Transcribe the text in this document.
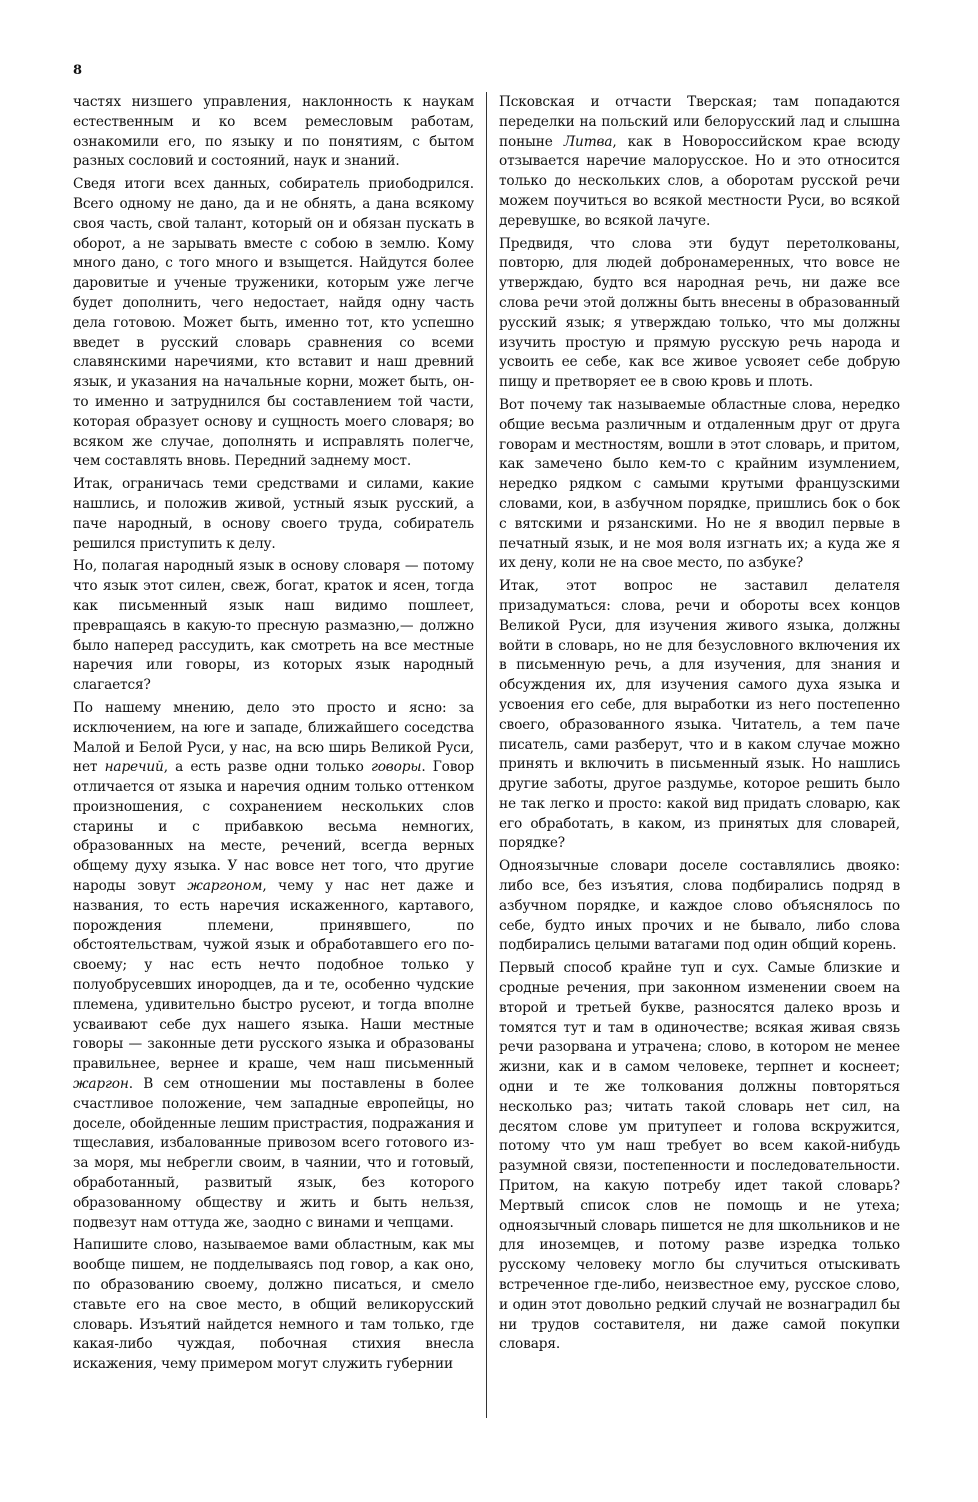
8

частях низшего управления, наклонность к наукам естественным и ко всем ремесловым работам, ознакомили его, по языку и по понятиям, с бытом разных сословий и состояний, наук и знаний.

Сведя итоги всех данных, собиратель приободрился. Всего одному не дано, да и не обнять, а дана всякому своя часть, свой талант, который он и обязан пускать в оборот, а не зарывать вместе с собою в землю. Кому много дано, с того много и взыщется. Найдутся более даровитые и ученые труженики, которым уже легче будет дополнить, чего недостает, найдя одну часть дела готовою. Может быть, именно тот, кто успешно введет в русский словарь сравнения со всеми славянскими наречиями, кто вставит и наш древний язык, и указания на начальные корни, может быть, он-то именно и затруднился бы составлением той части, которая образует основу и сущность моего словаря; во всяком же случае, дополнять и исправлять полегче, чем составлять вновь. Передний заднему мост.

Итак, ограничась теми средствами и силами, какие нашлись, и положив живой, устный язык русский, а паче народный, в основу своего труда, собиратель решился приступить к делу.

Но, полагая народный язык в основу словаря — потому что язык этот силен, свеж, богат, краток и ясен, тогда как письменный язык наш видимо пошлеет, превращаясь в какую-то пресную размазню,— должно было наперед рассудить, как смотреть на все местные наречия или говоры, из которых язык народный слагается?

По нашему мнению, дело это просто и ясно: за исключением, на юге и западе, ближайшего соседства Малой и Белой Руси, у нас, на всю ширь Великой Руси, нет наречий, а есть разве одни только говоры. Говор отличается от языка и наречия одним только оттенком произношения, с сохранением нескольких слов старины и с прибавкою весьма немногих, образованных на месте, речений, всегда верных общему духу языка. У нас вовсе нет того, что другие народы зовут жаргоном, чему у нас нет даже и названия, то есть наречия искаженного, картавого, порождения племени, принявшего, по обстоятельствам, чужой язык и обработавшего его по-своему; у нас есть нечто подобное только у полуобрусевших инородцев, да и те, особенно чудские племена, удивительно быстро русеют, и тогда вполне усваивают себе дух нашего языка. Наши местные говоры — законные дети русского языка и образованы правильнее, вернее и краше, чем наш письменный жаргон. В сем отношении мы поставлены в более счастливое положение, чем западные европейцы, но доселе, обойденные лешим пристрастия, подражания и тщеславия, избалованные привозом всего готового из-за моря, мы небрегли своим, в чаянии, что и готовый, обработанный, развитый язык, без которого образованному обществу и жить и быть нельзя, подвезут нам оттуда же, заодно с винами и чепцами.

Напишите слово, называемое вами областным, как мы вообще пишем, не подделываясь под говор, а как оно, по образованию своему, должно писаться, и смело ставьте его на свое место, в общий великорусский словарь. Изъятий найдется немного и там только, где какая-либо чуждая, побочная стихия внесла искажения, чему примером могут служить губернии

Псковская и отчасти Тверская; там попадаются переделки на польский или белорусский лад и слышна поныне Литва, как в Новороссийском крае всюду отзывается наречие малорусское. Но и это относится только до нескольких слов, а оборотам русской речи можем поучиться во всякой местности Руси, во всякой деревушке, во всякой лачуге.

Предвидя, что слова эти будут перетолкованы, повторю, для людей добронамеренных, что вовсе не утверждаю, будто вся народная речь, ни даже все слова речи этой должны быть внесены в образованный русский язык; я утверждаю только, что мы должны изучить простую и прямую русскую речь народа и усвоить ее себе, как все живое усвояет себе добрую пищу и претворяет ее в свою кровь и плоть.

Вот почему так называемые областные слова, нередко общие весьма различным и отдаленным друг от друга говорам и местностям, вошли в этот словарь, и притом, как замечено было кем-то с крайним изумлением, нередко рядком с самыми крутыми французскими словами, кои, в азбучном порядке, пришлись бок о бок с вятскими и рязанскими. Но не я вводил первые в печатный язык, и не моя воля изгнать их; а куда же я их дену, коли не на свое место, по азбуке?

Итак, этот вопрос не заставил делателя призадуматься: слова, речи и обороты всех концов Великой Руси, для изучения живого языка, должны войти в словарь, но не для безусловного включения их в письменную речь, а для изучения, для знания и обсуждения их, для изучения самого духа языка и усвоения его себе, для выработки из него постепенно своего, образованного языка. Читатель, а тем паче писатель, сами разберут, что и в каком случае можно принять и включить в письменный язык. Но нашлись другие заботы, другое раздумье, которое решить было не так легко и просто: какой вид придать словарю, как его обработать, в каком, из принятых для словарей, порядке?

Одноязычные словари доселе составлялись двояко: либо все, без изъятия, слова подбирались подряд в азбучном порядке, и каждое слово объяснялось по себе, будто иных прочих и не бывало, либо слова подбирались целыми ватагами под один общий корень.

Первый способ крайне туп и сух. Самые близкие и сродные речения, при законном изменении своем на второй и третьей букве, разносятся далеко врозь и томятся тут и там в одиночестве; всякая живая связь речи разорвана и утрачена; слово, в котором не менее жизни, как и в самом человеке, терпнет и коснеет; одни и те же толкования должны повторяться несколько раз; читать такой словарь нет сил, на десятом слове ум притупеет и голова вскружится, потому что ум наш требует во всем какой-нибудь разумной связи, постепенности и последовательности. Притом, на какую потребу идет такой словарь? Мертвый список слов не помощь и не утеха; одноязычный словарь пишется не для школьников и не для иноземцев, и потому разве изредка только русскому человеку могло бы случиться отыскивать встреченное где-либо, неизвестное ему, русское слово, и один этот довольно редкий случай не вознаградил бы ни трудов составителя, ни даже самой покупки словаря.
